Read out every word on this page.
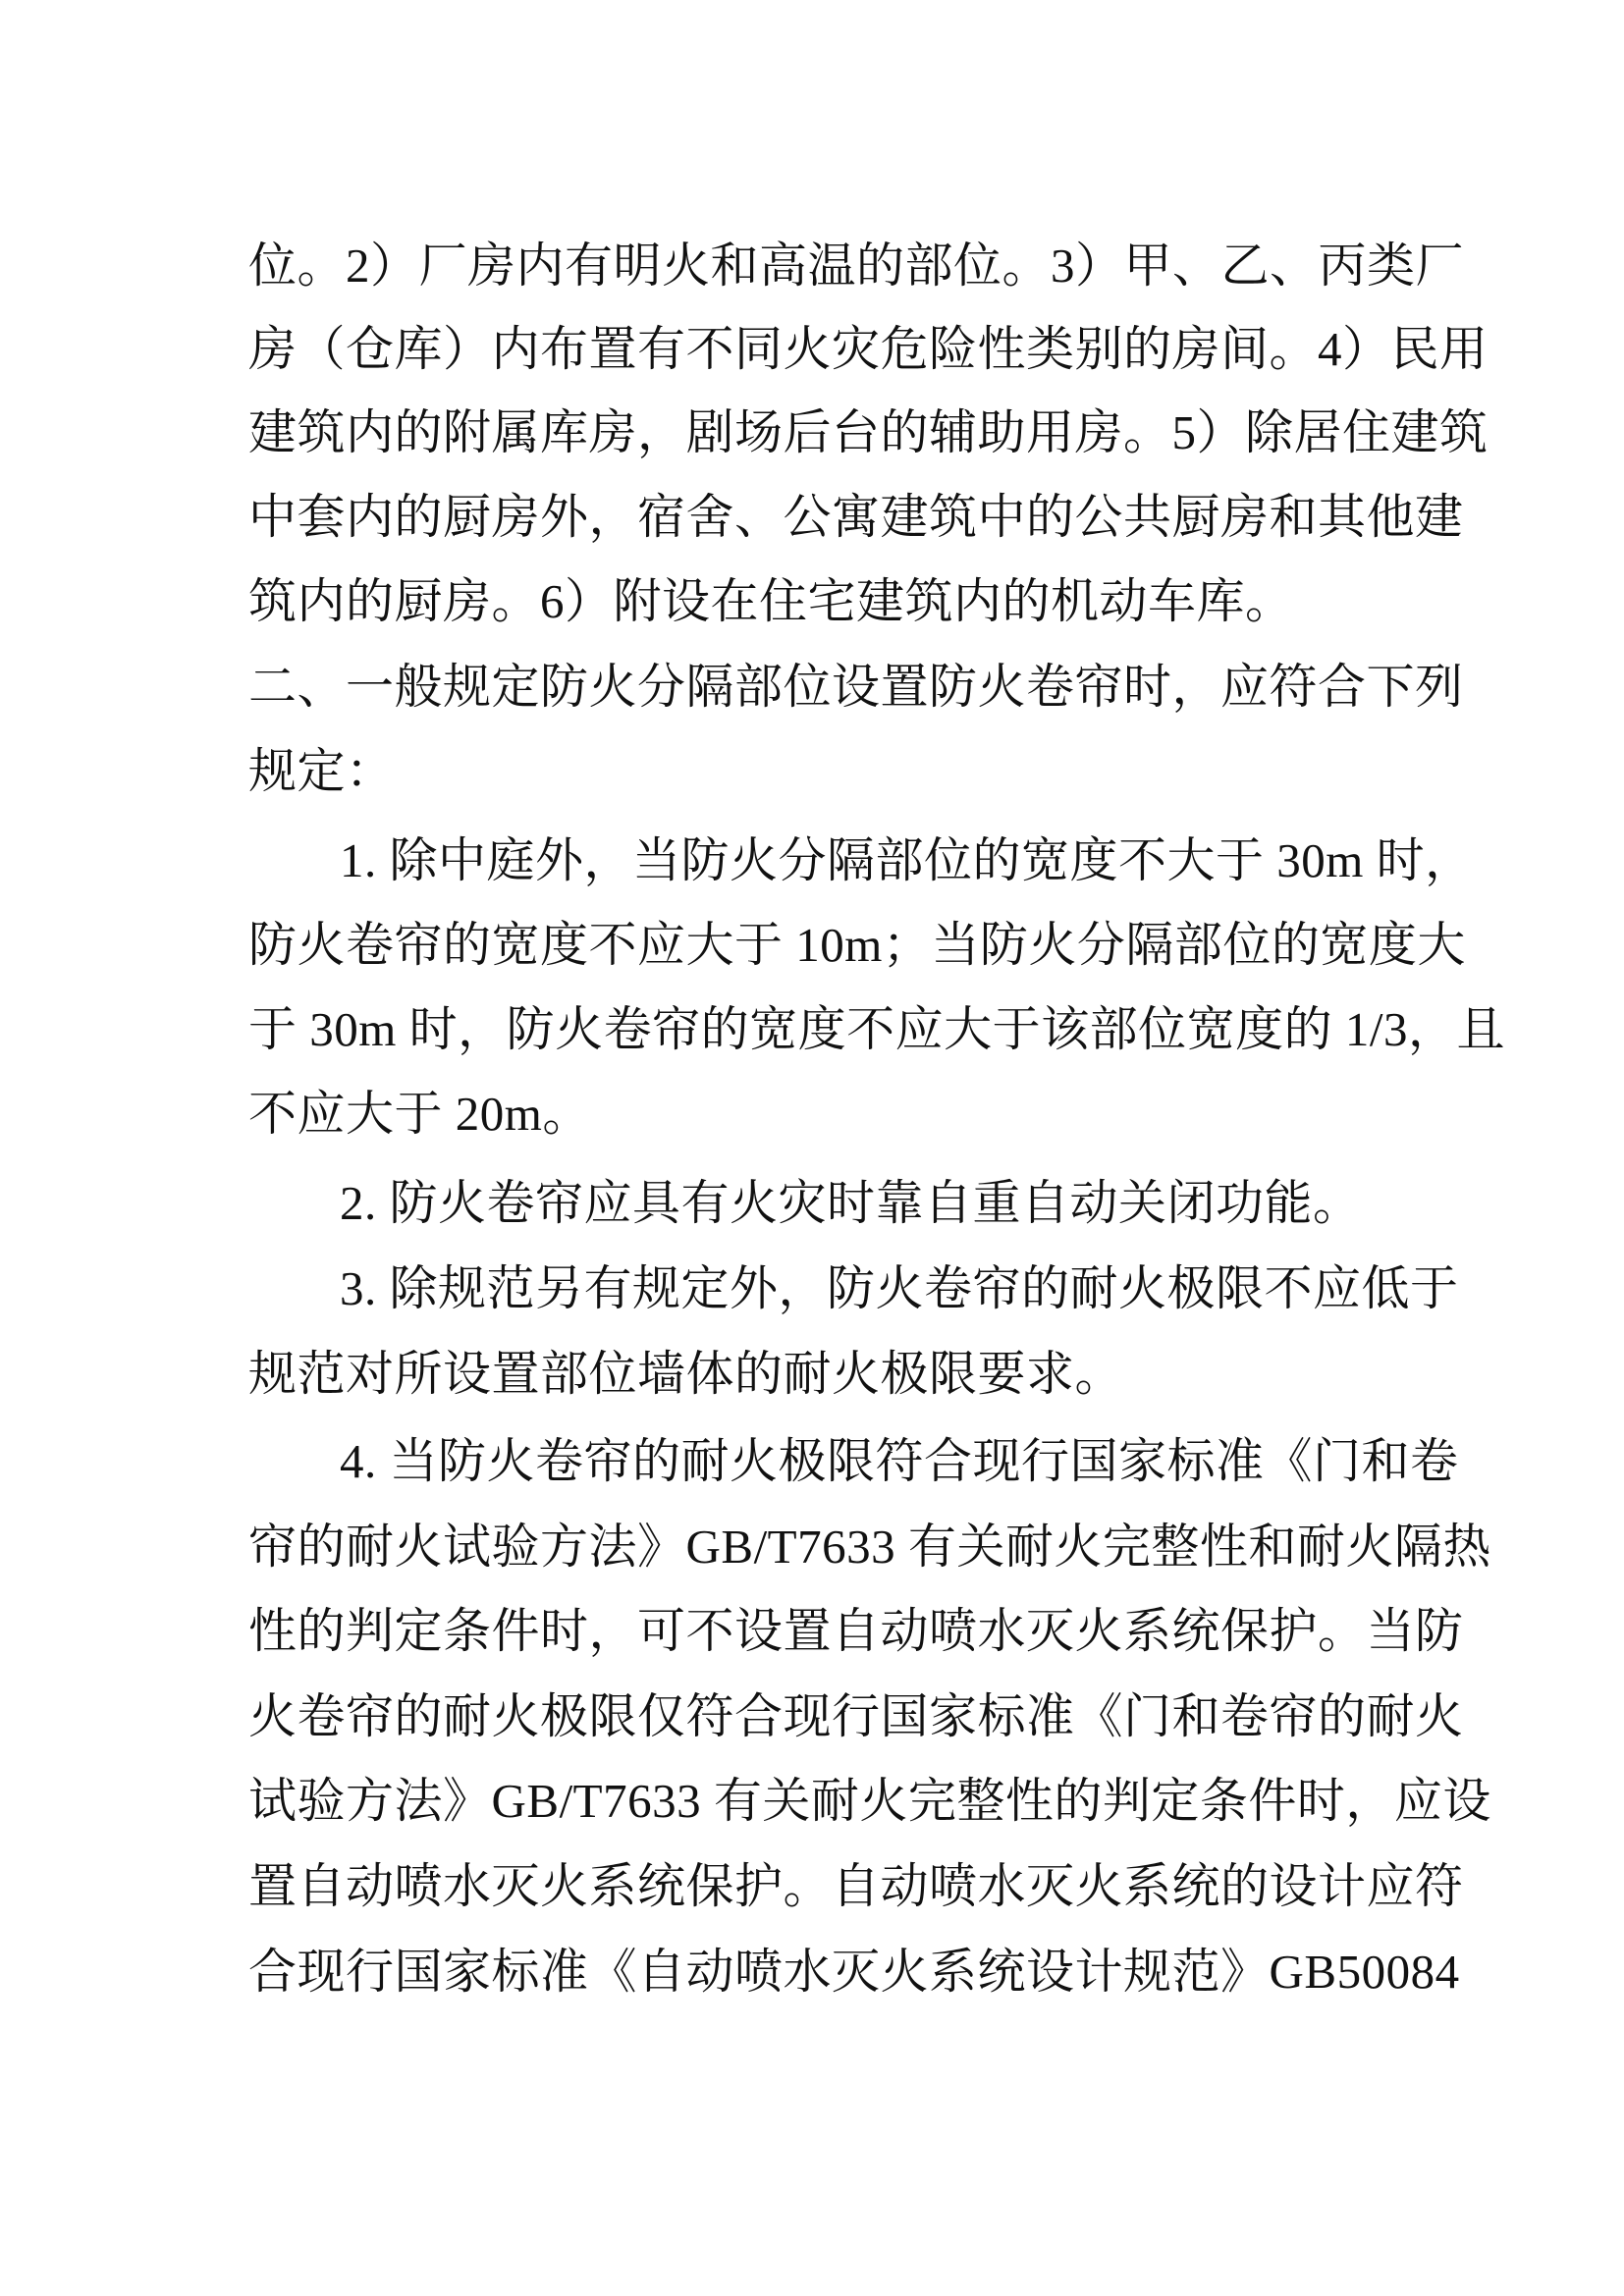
位。2）厂房内有明火和高温的部位。3）甲、乙、丙类厂
房（仓库）内布置有不同火灾危险性类别的房间。4）民用
建筑内的附属库房，剧场后台的辅助用房。5）除居住建筑
中套内的厨房外，宿舍、公寓建筑中的公共厨房和其他建
筑内的厨房。6）附设在住宅建筑内的机动车库。
二、一般规定防火分隔部位设置防火卷帘时，应符合下列
规定：
1. 除中庭外，当防火分隔部位的宽度不大于 30m 时，
防火卷帘的宽度不应大于 10m；当防火分隔部位的宽度大
于 30m 时，防火卷帘的宽度不应大于该部位宽度的 1/3，且
不应大于 20m。
2. 防火卷帘应具有火灾时靠自重自动关闭功能。
3. 除规范另有规定外，防火卷帘的耐火极限不应低于
规范对所设置部位墙体的耐火极限要求。
4. 当防火卷帘的耐火极限符合现行国家标准《门和卷
帘的耐火试验方法》GB/T7633 有关耐火完整性和耐火隔热
性的判定条件时，可不设置自动喷水灭火系统保护。当防
火卷帘的耐火极限仅符合现行国家标准《门和卷帘的耐火
试验方法》GB/T7633 有关耐火完整性的判定条件时，应设
置自动喷水灭火系统保护。自动喷水灭火系统的设计应符
合现行国家标准《自动喷水灭火系统设计规范》GB50084
